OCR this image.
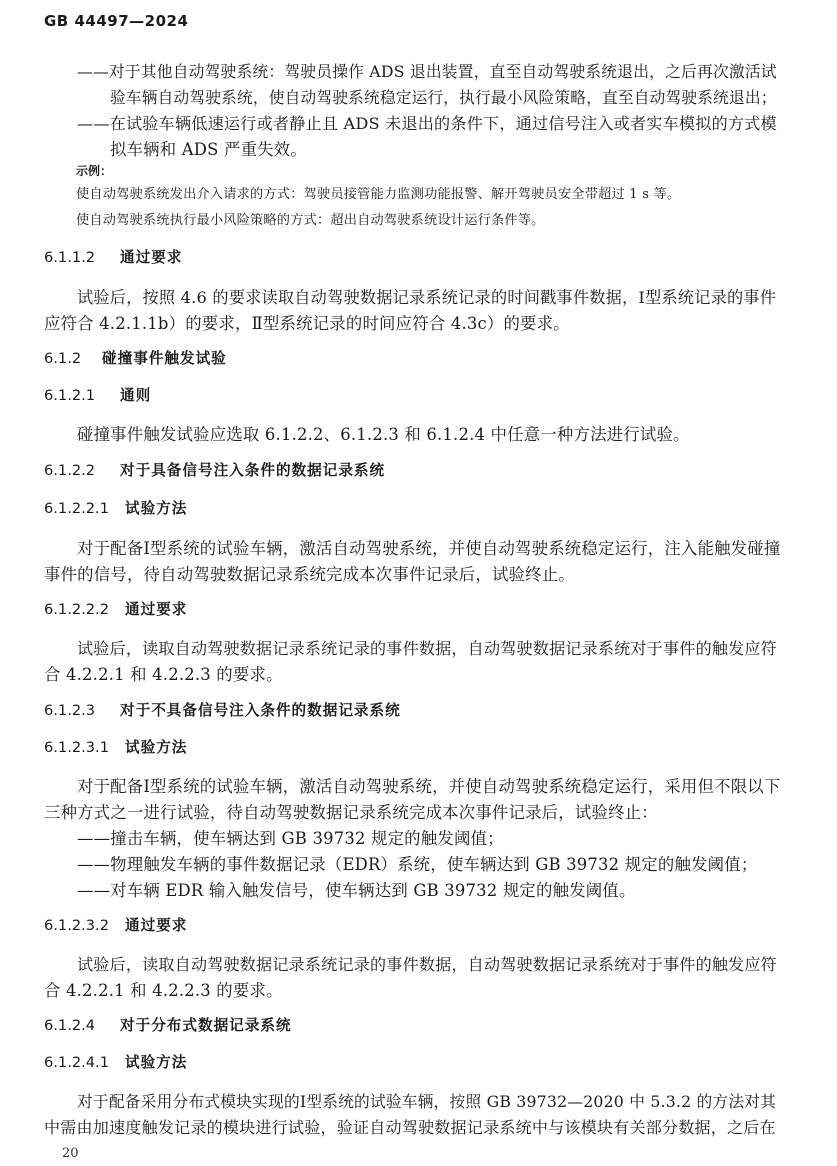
GB 44497—2024
——对于其他自动驾驶系统：驾驶员操作 ADS 退出装置，直至自动驾驶系统退出，之后再次激活试
验车辆自动驾驶系统，使自动驾驶系统稳定运行，执行最小风险策略，直至自动驾驶系统退出；
——在试验车辆低速运行或者静止且 ADS 未退出的条件下，通过信号注入或者实车模拟的方式模
拟车辆和 ADS 严重失效。
示例：
使自动驾驶系统发出介入请求的方式：驾驶员接管能力监测功能报警、解开驾驶员安全带超过 1 s 等。
使自动驾驶系统执行最小风险策略的方式：超出自动驾驶系统设计运行条件等。
6.1.1.2 通过要求
试验后，按照 4.6 的要求读取自动驾驶数据记录系统记录的时间戳事件数据，Ⅰ型系统记录的事件
应符合 4.2.1.1b）的要求，Ⅱ型系统记录的时间应符合 4.3c）的要求。
6.1.2 碰撞事件触发试验
6.1.2.1 通则
碰撞事件触发试验应选取 6.1.2.2、6.1.2.3 和 6.1.2.4 中任意一种方法进行试验。
6.1.2.2 对于具备信号注入条件的数据记录系统
6.1.2.2.1 试验方法
对于配备Ⅰ型系统的试验车辆，激活自动驾驶系统，并使自动驾驶系统稳定运行，注入能触发碰撞
事件的信号，待自动驾驶数据记录系统完成本次事件记录后，试验终止。
6.1.2.2.2 通过要求
试验后，读取自动驾驶数据记录系统记录的事件数据，自动驾驶数据记录系统对于事件的触发应符
合 4.2.2.1 和 4.2.2.3 的要求。
6.1.2.3 对于不具备信号注入条件的数据记录系统
6.1.2.3.1 试验方法
对于配备Ⅰ型系统的试验车辆，激活自动驾驶系统，并使自动驾驶系统稳定运行，采用但不限以下
三种方式之一进行试验，待自动驾驶数据记录系统完成本次事件记录后，试验终止：
——撞击车辆，使车辆达到 GB 39732 规定的触发阈值；
——物理触发车辆的事件数据记录（EDR）系统，使车辆达到 GB 39732 规定的触发阈值；
——对车辆 EDR 输入触发信号，使车辆达到 GB 39732 规定的触发阈值。
6.1.2.3.2 通过要求
试验后，读取自动驾驶数据记录系统记录的事件数据，自动驾驶数据记录系统对于事件的触发应符
合 4.2.2.1 和 4.2.2.3 的要求。
6.1.2.4 对于分布式数据记录系统
6.1.2.4.1 试验方法
对于配备采用分布式模块实现的Ⅰ型系统的试验车辆，按照 GB 39732—2020 中 5.3.2 的方法对其
中需由加速度触发记录的模块进行试验，验证自动驾驶数据记录系统中与该模块有关部分数据，之后在
20
